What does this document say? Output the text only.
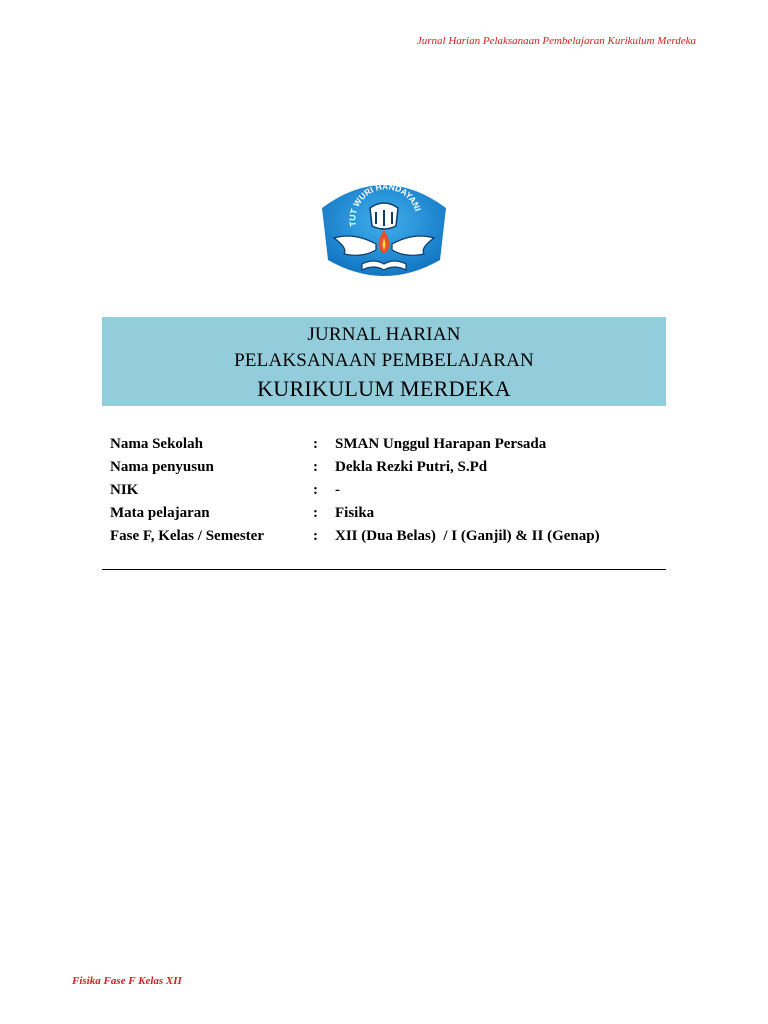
Jurnal Harian Pelaksanaan Pembelajaran Kurikulum Merdeka
TUT WURI HANDAYANI
JURNAL HARIAN
PELAKSANAAN PEMBELAJARAN
KURIKULUM MERDEKA
Nama Sekolah	:	SMAN Unggul Harapan Persada
Nama penyusun	:	Dekla Rezki Putri, S.Pd
NIK	:	-
Mata pelajaran	:	Fisika
Fase F, Kelas / Semester	:	XII (Dua Belas)  / I (Ganjil) & II (Genap)
Fisika Fase F Kelas XII
